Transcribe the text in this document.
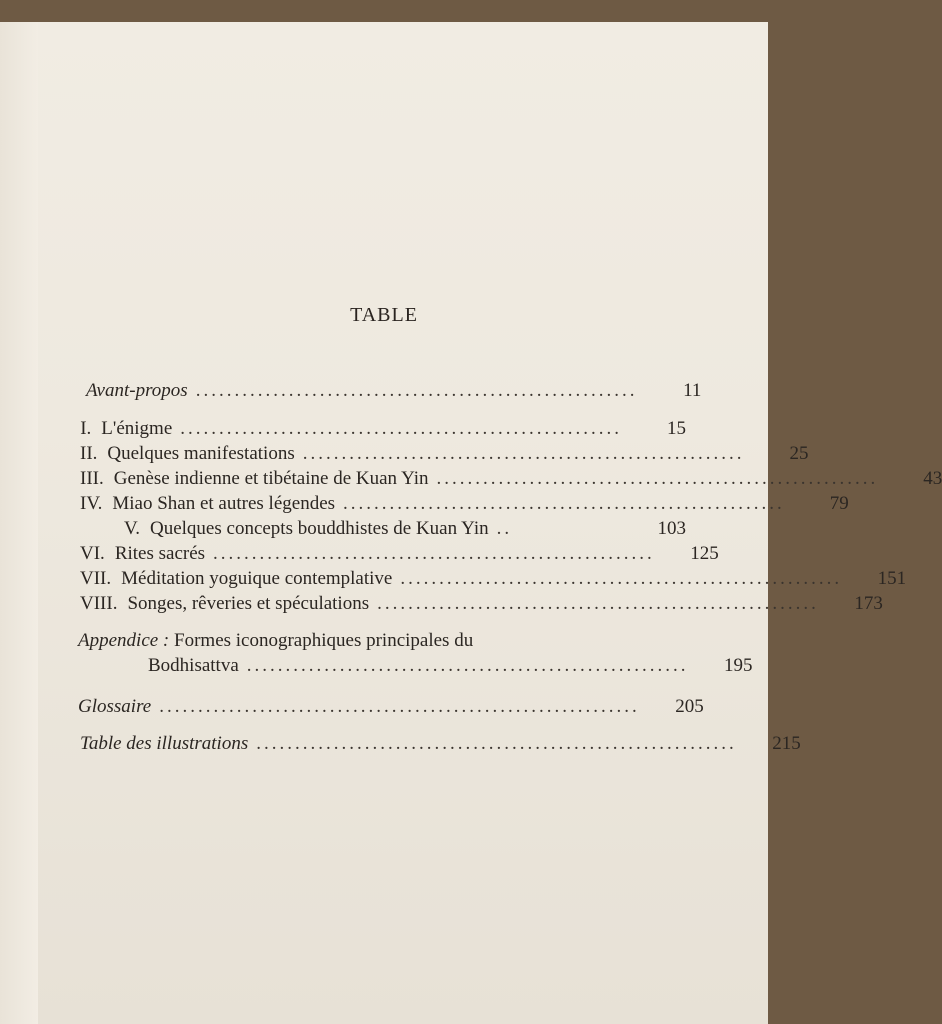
TABLE
Avant-propos .........................................................	11
I. L'énigme .........................................................	15
II. Quelques manifestations .........................................................	25
III. Genèse indienne et tibétaine de Kuan Yin .........................................................	43
IV. Miao Shan et autres légendes .........................................................	79
V. Quelques concepts bouddhistes de Kuan Yin ..	103
VI. Rites sacrés .........................................................	125
VII. Méditation yoguique contemplative .........................................................	151
VIII. Songes, rêveries et spéculations .........................................................	173
Appendice : Formes iconographiques principales du
Bodhisattva .........................................................	195
Glossaire ..............................................................	205
Table des illustrations ..............................................................	215
